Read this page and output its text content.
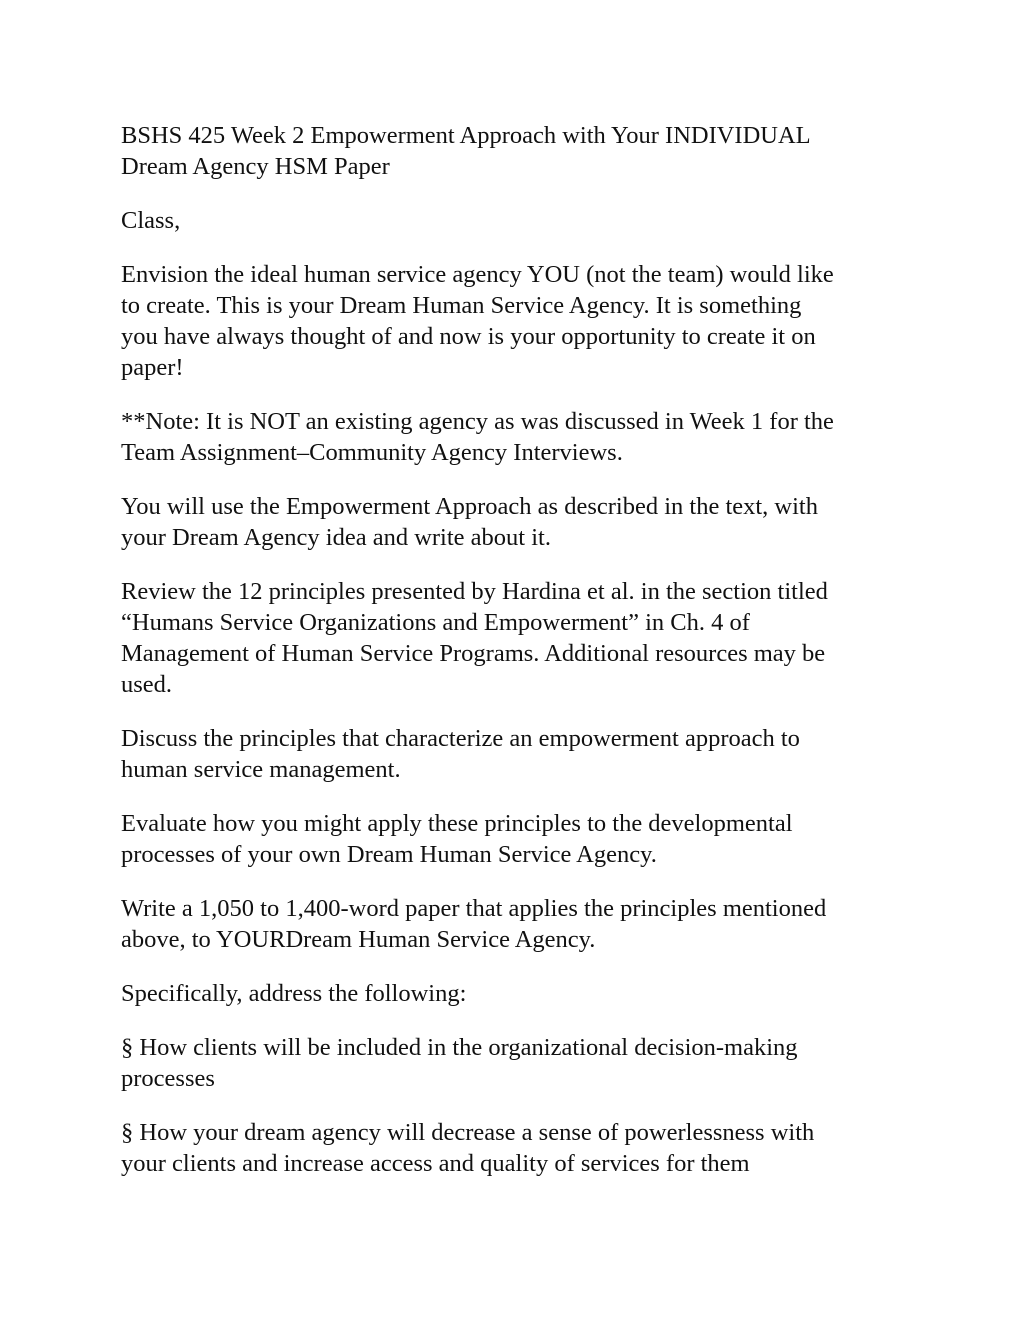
BSHS 425 Week 2 Empowerment Approach with Your INDIVIDUAL
Dream Agency HSM Paper

Class,

Envision the ideal human service agency YOU (not the team) would like
to create. This is your Dream Human Service Agency. It is something
you have always thought of and now is your opportunity to create it on
paper!

**Note: It is NOT an existing agency as was discussed in Week 1 for the
Team Assignment–Community Agency Interviews.

You will use the Empowerment Approach as described in the text, with
your Dream Agency idea and write about it.

Review the 12 principles presented by Hardina et al. in the section titled
“Humans Service Organizations and Empowerment” in Ch. 4 of
Management of Human Service Programs. Additional resources may be
used.

Discuss the principles that characterize an empowerment approach to
human service management.

Evaluate how you might apply these principles to the developmental
processes of your own Dream Human Service Agency.

Write a 1,050 to 1,400-word paper that applies the principles mentioned
above, to YOURDream Human Service Agency.

Specifically, address the following:

§ How clients will be included in the organizational decision-making
processes

§ How your dream agency will decrease a sense of powerlessness with
your clients and increase access and quality of services for them
